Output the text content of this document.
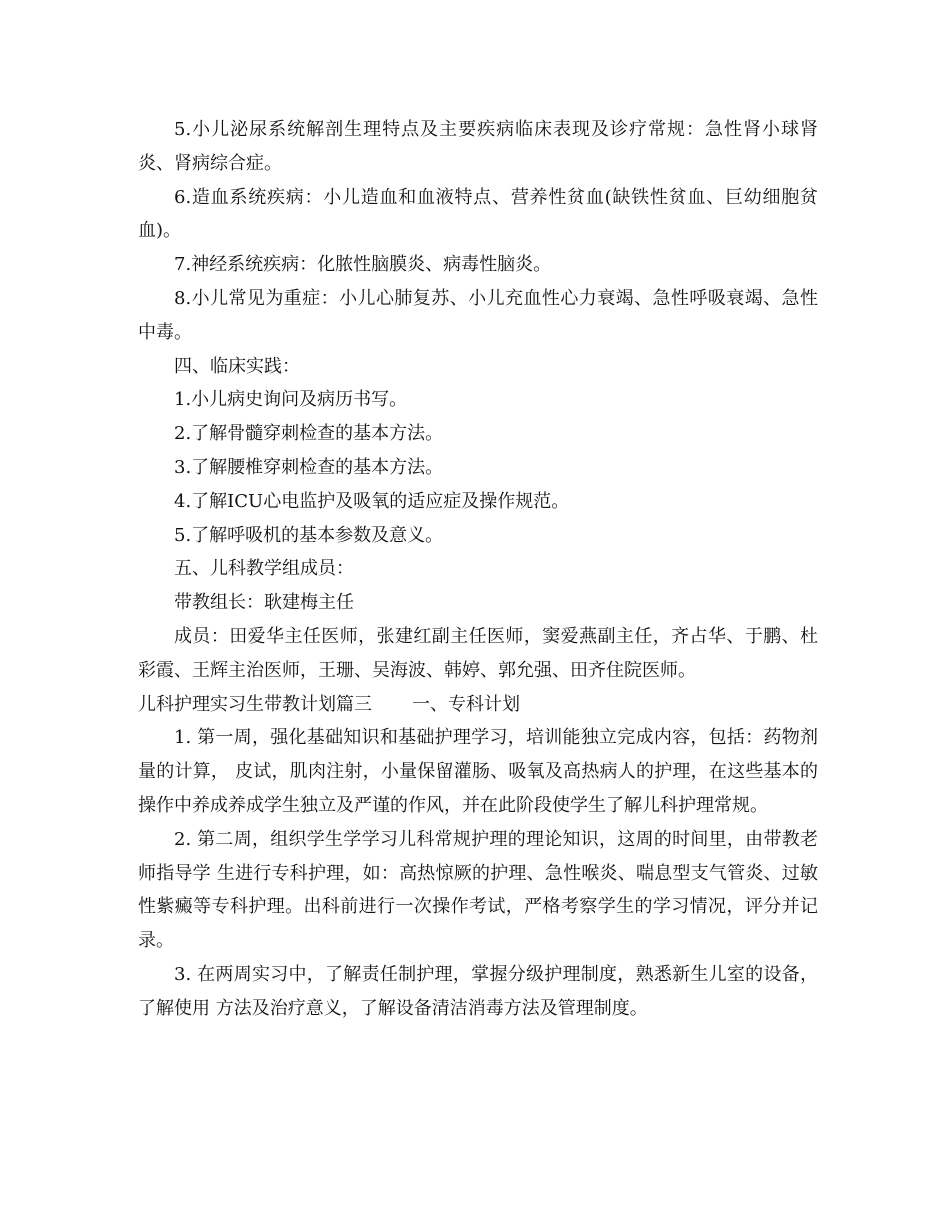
5.小儿泌尿系统解剖生理特点及主要疾病临床表现及诊疗常规：急性肾小球肾炎、肾病综合症。

6.造血系统疾病：小儿造血和血液特点、营养性贫血(缺铁性贫血、巨幼细胞贫血)。

7.神经系统疾病：化脓性脑膜炎、病毒性脑炎。

8.小儿常见为重症：小儿心肺复苏、小儿充血性心力衰竭、急性呼吸衰竭、急性中毒。

四、临床实践：

1.小儿病史询问及病历书写。

2.了解骨髓穿刺检查的基本方法。

3.了解腰椎穿刺检查的基本方法。

4.了解ICU心电监护及吸氧的适应症及操作规范。

5.了解呼吸机的基本参数及意义。

五、儿科教学组成员：

带教组长：耿建梅主任

成员：田爱华主任医师，张建红副主任医师，窦爱燕副主任，齐占华、于鹏、杜彩霞、王辉主治医师，王珊、吴海波、韩婷、郭允强、田齐住院医师。

儿科护理实习生带教计划篇三 一、专科计划

1. 第一周，强化基础知识和基础护理学习，培训能独立完成内容，包括：药物剂量的计算， 皮试，肌肉注射，小量保留灌肠、吸氧及高热病人的护理，在这些基本的操作中养成养成学生独立及严谨的作风，并在此阶段使学生了解儿科护理常规。

2. 第二周，组织学生学学习儿科常规护理的理论知识，这周的时间里，由带教老师指导学 生进行专科护理，如：高热惊厥的护理、急性喉炎、喘息型支气管炎、过敏性紫癜等专科护理。出科前进行一次操作考试，严格考察学生的学习情况，评分并记录。

3. 在两周实习中，了解责任制护理，掌握分级护理制度，熟悉新生儿室的设备，了解使用 方法及治疗意义，了解设备清洁消毒方法及管理制度。
